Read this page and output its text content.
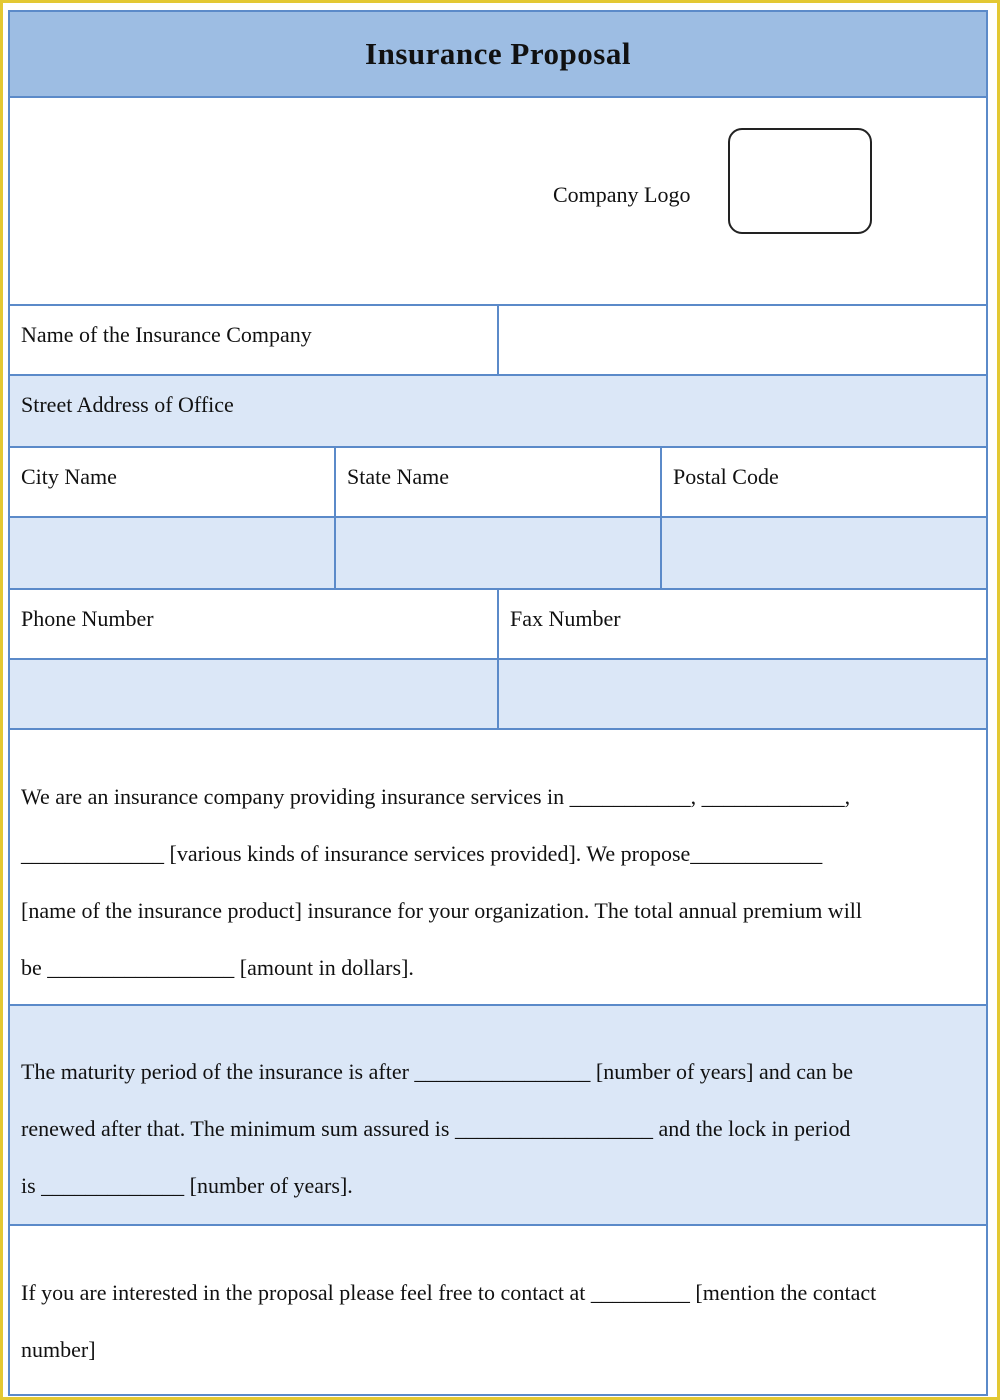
Insurance Proposal
Company Logo
Name of the Insurance Company
Street Address of Office
City Name	State Name	Postal Code
Phone Number	Fax Number
We are an insurance company providing insurance services in ___________, _____________,
_____________ [various kinds of insurance services provided]. We propose____________
[name of the insurance product] insurance for your organization. The total annual premium will
be _________________ [amount in dollars].
The maturity period of the insurance is after ________________ [number of years] and can be
renewed after that. The minimum sum assured is __________________ and the lock in period
is _____________ [number of years].
If you are interested in the proposal please feel free to contact at _________ [mention the contact
number]
